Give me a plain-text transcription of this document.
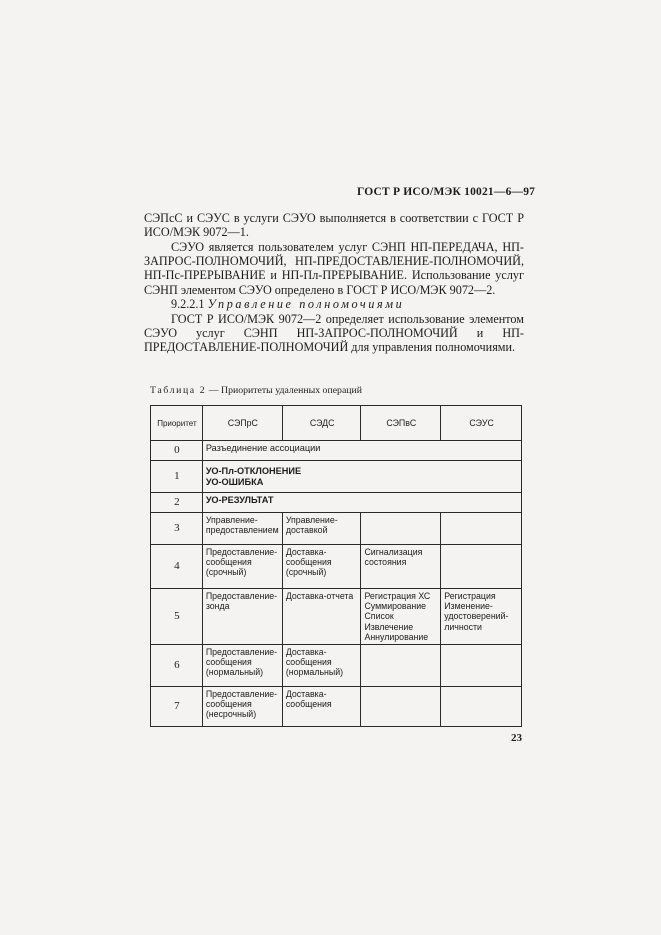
ГОСТ Р ИСО/МЭК 10021—6—97
СЭПсС и СЭУС в услуги СЭУО выполняется в соответствии с ГОСТ Р ИСО/МЭК 9072—1.
СЭУО является пользователем услуг СЭНП НП-ПЕРЕДАЧА, НП-ЗАПРОС-ПОЛНОМОЧИЙ, НП-ПРЕДОСТАВЛЕНИЕ-ПОЛНОМОЧИЙ, НП-Пс-ПРЕРЫВАНИЕ и НП-Пл-ПРЕРЫВАНИЕ. Использование услуг СЭНП элементом СЭУО определено в ГОСТ Р ИСО/МЭК 9072—2.
9.2.2.1 Управление полномочиями
ГОСТ Р ИСО/МЭК 9072—2 определяет использование элементом СЭУО услуг СЭНП НП-ЗАПРОС-ПОЛНОМОЧИЙ и НП-ПРЕДОСТАВЛЕНИЕ-ПОЛНОМОЧИЙ для управления полномочиями.
Таблица 2 — Приоритеты удаленных операций
Приоритет	СЭПрС	СЭДС	СЭПвС	СЭУС
0	Разъединение ассоциации			
1	УО-Пл-ОТКЛОНЕНИЕ
УО-ОШИБКА			

2	УО-РЕЗУЛЬТАТ			
3	Управление-предоставлением	Управление-доставкой		
4	Предоставление-сообщения (срочный)	Доставка-сообщения (срочный)	Сигнализация состояния	
5	Предоставление-зонда	Доставка-отчета	Регистрация ХС
Суммирование
Список
Извлечение
Аннулирование	Регистрация
Изменение-удостоверений-личности

6	Предоставление-сообщения (нормальный)	Доставка-сообщения (нормальный)		
7	Предоставление-сообщения (несрочный)	Доставка-сообщения		
23
